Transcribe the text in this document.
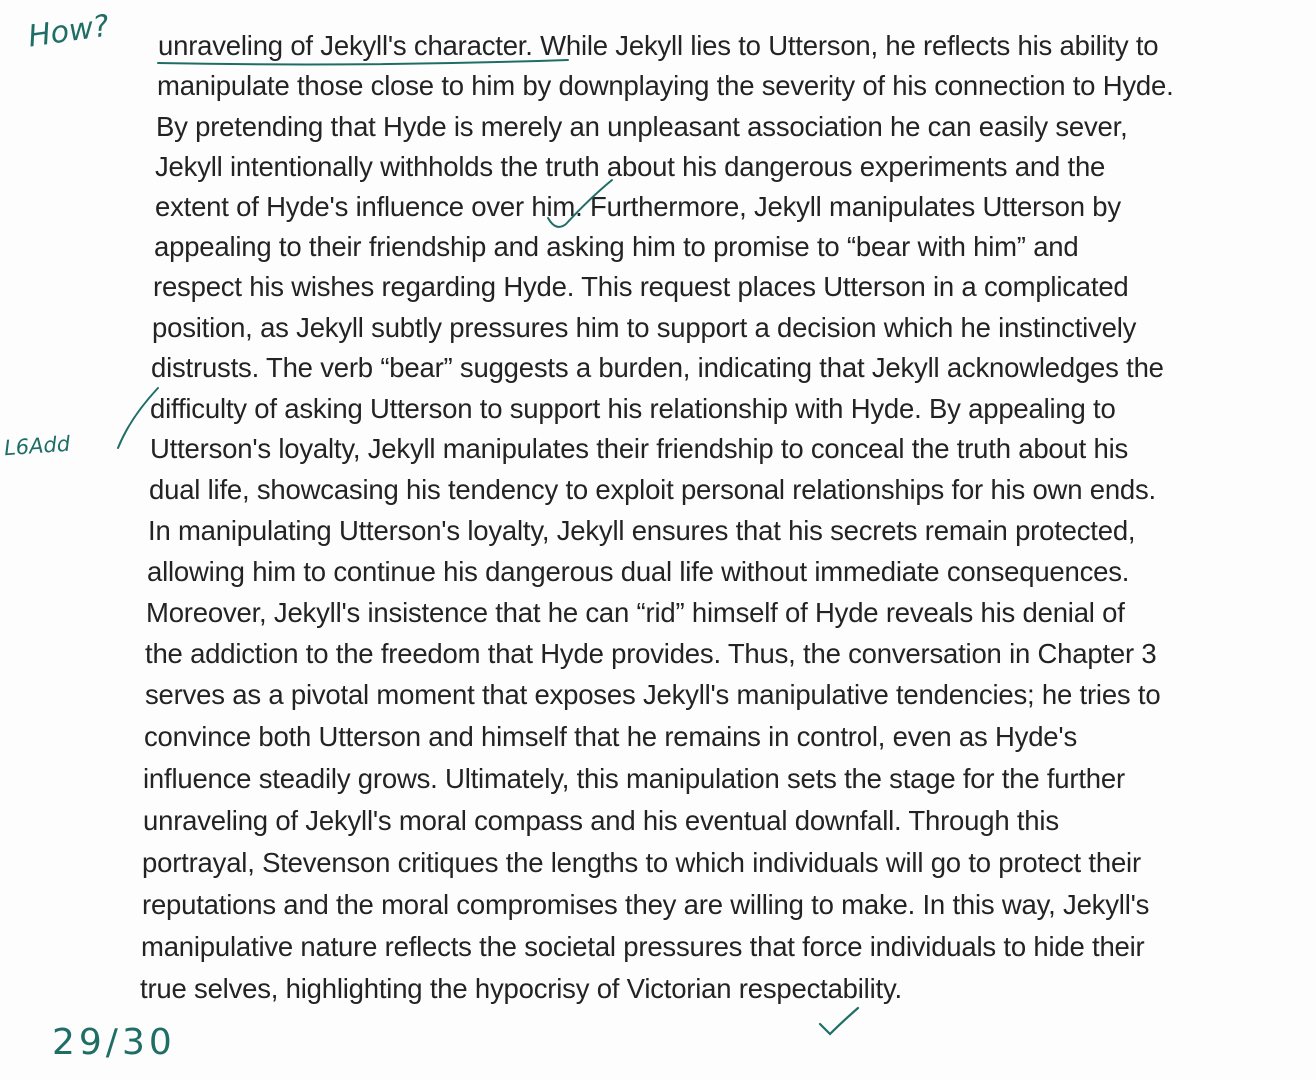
unraveling of Jekyll's character. While Jekyll lies to Utterson, he reflects his ability to
manipulate those close to him by downplaying the severity of his connection to Hyde.
By pretending that Hyde is merely an unpleasant association he can easily sever,
Jekyll intentionally withholds the truth about his dangerous experiments and the
extent of Hyde's influence over him. Furthermore, Jekyll manipulates Utterson by
appealing to their friendship and asking him to promise to “bear with him” and
respect his wishes regarding Hyde. This request places Utterson in a complicated
position, as Jekyll subtly pressures him to support a decision which he instinctively
distrusts. The verb “bear” suggests a burden, indicating that Jekyll acknowledges the
difficulty of asking Utterson to support his relationship with Hyde. By appealing to
Utterson's loyalty, Jekyll manipulates their friendship to conceal the truth about his
dual life, showcasing his tendency to exploit personal relationships for his own ends.
In manipulating Utterson's loyalty, Jekyll ensures that his secrets remain protected,
allowing him to continue his dangerous dual life without immediate consequences.
Moreover, Jekyll's insistence that he can “rid” himself of Hyde reveals his denial of
the addiction to the freedom that Hyde provides. Thus, the conversation in Chapter 3
serves as a pivotal moment that exposes Jekyll's manipulative tendencies; he tries to
convince both Utterson and himself that he remains in control, even as Hyde's
influence steadily grows. Ultimately, this manipulation sets the stage for the further
unraveling of Jekyll's moral compass and his eventual downfall. Through this
portrayal, Stevenson critiques the lengths to which individuals will go to protect their
reputations and the moral compromises they are willing to make. In this way, Jekyll's
manipulative nature reflects the societal pressures that force individuals to hide their
true selves, highlighting the hypocrisy of Victorian respectability.
How?
L6Add
29/30
